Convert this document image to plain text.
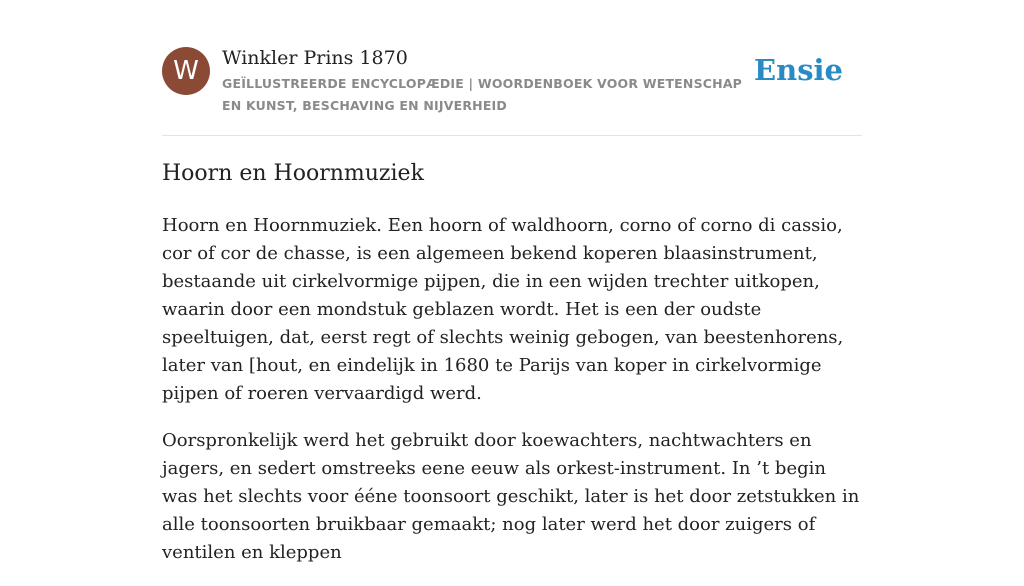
W	Winkler Prins 1870
GEÏLLUSTREERDE ENCYCLOPÆDIE | WOORDENBOEK VOOR WETENSCHAP EN KUNST, BESCHAVING EN NIJVERHEID
Ensie
Hoorn en Hoornmuziek

Hoorn en Hoornmuziek. Een hoorn of waldhoorn, corno of corno di cassio, cor of cor de chasse, is een algemeen bekend koperen blaasinstrument, bestaande uit cirkelvormige pijpen, die in een wijden trechter uitkopen, waarin door een mondstuk geblazen wordt. Het is een der oudste speeltuigen, dat, eerst regt of slechts weinig gebogen, van beestenhorens, later van [hout, en eindelijk in 1680 te Parijs van koper in cirkelvormige pijpen of roeren vervaardigd werd.

Oorspronkelijk werd het gebruikt door koewachters, nachtwachters en jagers, en sedert omstreeks eene eeuw als orkest-instrument. In ’t begin was het slechts voor ééne toonsoort geschikt, later is het door zetstukken in alle toonsoorten bruikbaar gemaakt; nog later werd het door zuigers of ventilen en kleppen
